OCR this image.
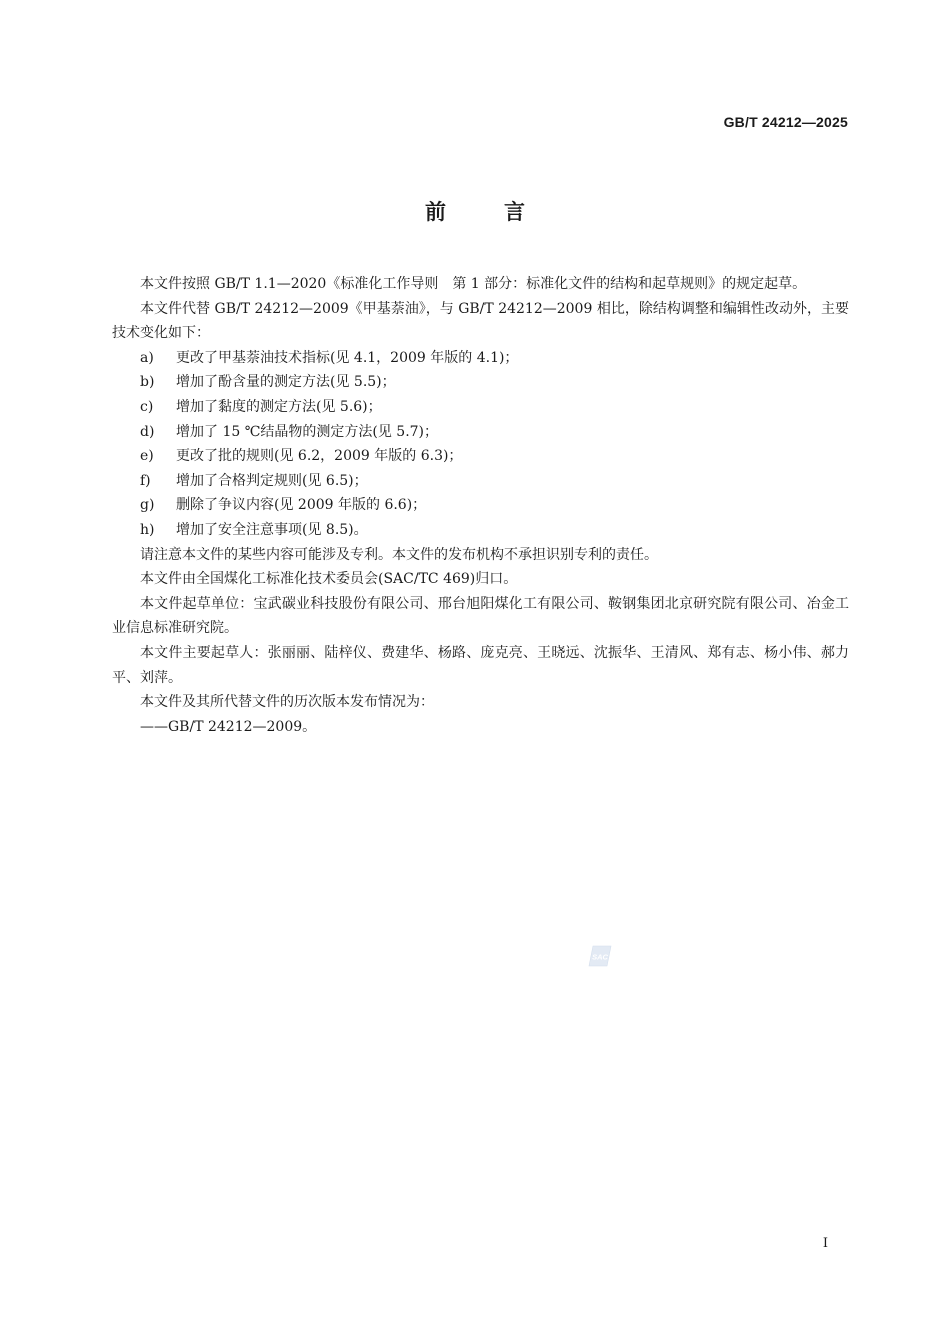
GB/T 24212—2025
前言

本文件按照 GB/T 1.1—2020《标准化工作导则　第 1 部分：标准化文件的结构和起草规则》的规定起草。

本文件代替 GB/T 24212—2009《甲基萘油》，与 GB/T 24212—2009 相比，除结构调整和编辑性改动外，主要技术变化如下：

a) 更改了甲基萘油技术指标(见 4.1，2009 年版的 4.1)；

b) 增加了酚含量的测定方法(见 5.5)；

c) 增加了黏度的测定方法(见 5.6)；

d) 增加了 15 ℃结晶物的测定方法(见 5.7)；

e) 更改了批的规则(见 6.2，2009 年版的 6.3)；

f) 增加了合格判定规则(见 6.5)；

g) 删除了争议内容(见 2009 年版的 6.6)；

h) 增加了安全注意事项(见 8.5)。

请注意本文件的某些内容可能涉及专利。本文件的发布机构不承担识别专利的责任。

本文件由全国煤化工标准化技术委员会(SAC/TC 469)归口。

本文件起草单位：宝武碳业科技股份有限公司、邢台旭阳煤化工有限公司、鞍钢集团北京研究院有限公司、冶金工业信息标准研究院。

本文件主要起草人：张丽丽、陆梓仪、费建华、杨路、庞克亮、王晓远、沈振华、王清风、郑有志、杨小伟、郝力平、刘萍。

本文件及其所代替文件的历次版本发布情况为：

——GB/T 24212—2009。

SAC
I
